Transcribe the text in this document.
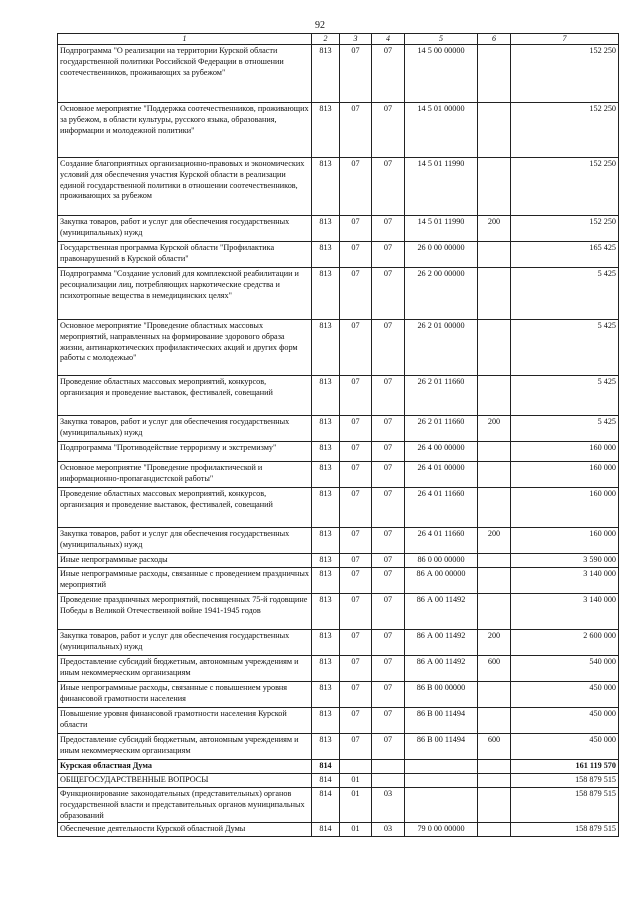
92
1	2	3	4	5	6	7
Подпрограмма "О реализации на территории Курской области государственной политики Российской Федерации в отношении соотечественников, проживающих за рубежом"	813	07	07	14 5 00 00000		152 250
Основное мероприятие "Поддержка соотечественников, проживающих за рубежом, в области культуры, русского языка, образования, информации и молодежной политики"	813	07	07	14 5 01 00000		152 250
Создание благоприятных организационно-правовых и экономических условий для обеспечения участия Курской области в реализации единой государственной политики в отношении соотечественников, проживающих за рубежом	813	07	07	14 5 01 11990		152 250
Закупка товаров, работ и услуг для обеспечения государственных (муниципальных) нужд	813	07	07	14 5 01 11990	200	152 250
Государственная программа Курской области "Профилактика правонарушений в Курской области"	813	07	07	26 0 00 00000		165 425
Подпрограмма "Создание условий для комплексной реабилитации и ресоциализации лиц, потребляющих наркотические средства и психотропные вещества в немедицинских целях"	813	07	07	26 2 00 00000		5 425
Основное мероприятие "Проведение областных массовых мероприятий, направленных на формирование здорового образа жизни, антинаркотических профилактических акций и других форм работы с молодежью"	813	07	07	26 2 01 00000		5 425
Проведение областных массовых мероприятий, конкурсов, организация и проведение выставок, фестивалей, совещаний	813	07	07	26 2 01 11660		5 425
Закупка товаров, работ и услуг для обеспечения государственных (муниципальных) нужд	813	07	07	26 2 01 11660	200	5 425
Подпрограмма "Противодействие терроризму и экстремизму"	813	07	07	26 4 00 00000		160 000
Основное мероприятие "Проведение профилактической и информационно-пропагандистской работы"	813	07	07	26 4 01 00000		160 000
Проведение областных массовых мероприятий, конкурсов, организация и проведение выставок, фестивалей, совещаний	813	07	07	26 4 01 11660		160 000
Закупка товаров, работ и услуг для обеспечения государственных (муниципальных) нужд	813	07	07	26 4 01 11660	200	160 000
Иные непрограммные расходы	813	07	07	86 0 00 00000		3 590 000
Иные непрограммные расходы, связанные с проведением праздничных мероприятий	813	07	07	86 А 00 00000		3 140 000
Проведение праздничных мероприятий, посвященных 75-й годовщине Победы в Великой Отечественной войне 1941-1945 годов	813	07	07	86 А 00 11492		3 140 000
Закупка товаров, работ и услуг для обеспечения государственных (муниципальных) нужд	813	07	07	86 А 00 11492	200	2 600 000
Предоставление субсидий бюджетным, автономным учреждениям и иным некоммерческим организациям	813	07	07	86 А 00 11492	600	540 000
Иные непрограммные расходы, связанные с повышением уровня финансовой грамотности населения	813	07	07	86 В 00 00000		450 000
Повышение уровня финансовой грамотности населения Курской области	813	07	07	86 В 00 11494		450 000
Предоставление субсидий бюджетным, автономным учреждениям и иным некоммерческим организациям	813	07	07	86 В 00 11494	600	450 000
Курская областная Дума	814					161 119 570
ОБЩЕГОСУДАРСТВЕННЫЕ ВОПРОСЫ	814	01				158 879 515
Функционирование законодательных (представительных) органов государственной власти и представительных органов муниципальных образований	814	01	03			158 879 515
Обеспечение деятельности Курской областной Думы	814	01	03	79 0 00 00000		158 879 515
